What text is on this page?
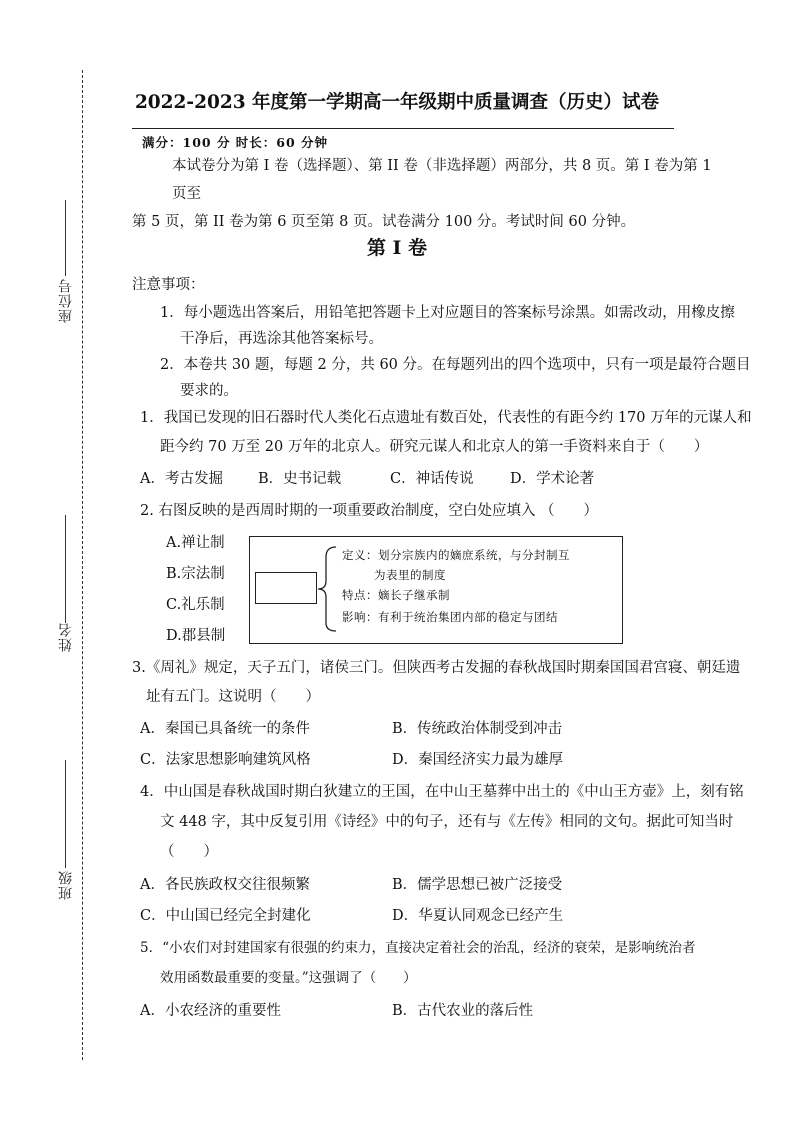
座位号
姓名
班级
2022-2023 年度第一学期高一年级期中质量调查（历史）试卷
满分：100 分 时长：60 分钟
本试卷分为第 I 卷（选择题）、第 II 卷（非选择题）两部分，共 8 页。第 I 卷为第 1 页至
第 5 页，第 II 卷为第 6 页至第 8 页。试卷满分 100 分。考试时间 60 分钟。
第 I 卷
注意事项：
1．每小题选出答案后，用铅笔把答题卡上对应题目的答案标号涂黑。如需改动，用橡皮擦
干净后，再选涂其他答案标号。
2．本卷共 30 题，每题 2 分，共 60 分。在每题列出的四个选项中，只有一项是最符合题目
要求的。
1．我国已发现的旧石器时代人类化石点遗址有数百处，代表性的有距今约 170 万年的元谋人和
距今约 70 万至 20 万年的北京人。研究元谋人和北京人的第一手资料来自于（　　）
A．考古发掘 B．史书记载	C．神话传说	D．学术论著
2. 右图反映的是西周时期的一项重要政治制度，空白处应填入 （　　）
A.禅让制
B.宗法制
C.礼乐制
D.郡县制
定义：划分宗族内的嫡庶系统，与分封制互
为表里的制度
特点：嫡长子继承制
影响：有利于统治集团内部的稳定与团结
3.《周礼》规定，天子五门，诸侯三门。但陕西考古发掘的春秋战国时期秦国国君宫寝、朝廷遗
址有五门。这说明（　　）
A．秦国已具备统一的条件	B．传统政治体制受到冲击
C．法家思想影响建筑风格	D．秦国经济实力最为雄厚
4．中山国是春秋战国时期白狄建立的王国，在中山王墓葬中出土的《中山王方壶》上，刻有铭
文 448 字，其中反复引用《诗经》中的句子，还有与《左传》相同的文句。据此可知当时
（　　）
A．各民族政权交往很频繁	B．儒学思想已被广泛接受
C．中山国已经完全封建化	D．华夏认同观念已经产生
5．“小农们对封建国家有很强的约束力，直接决定着社会的治乱，经济的衰荣，是影响统治者
效用函数最重要的变量。”这强调了（　　）
A．小农经济的重要性	B．古代农业的落后性
